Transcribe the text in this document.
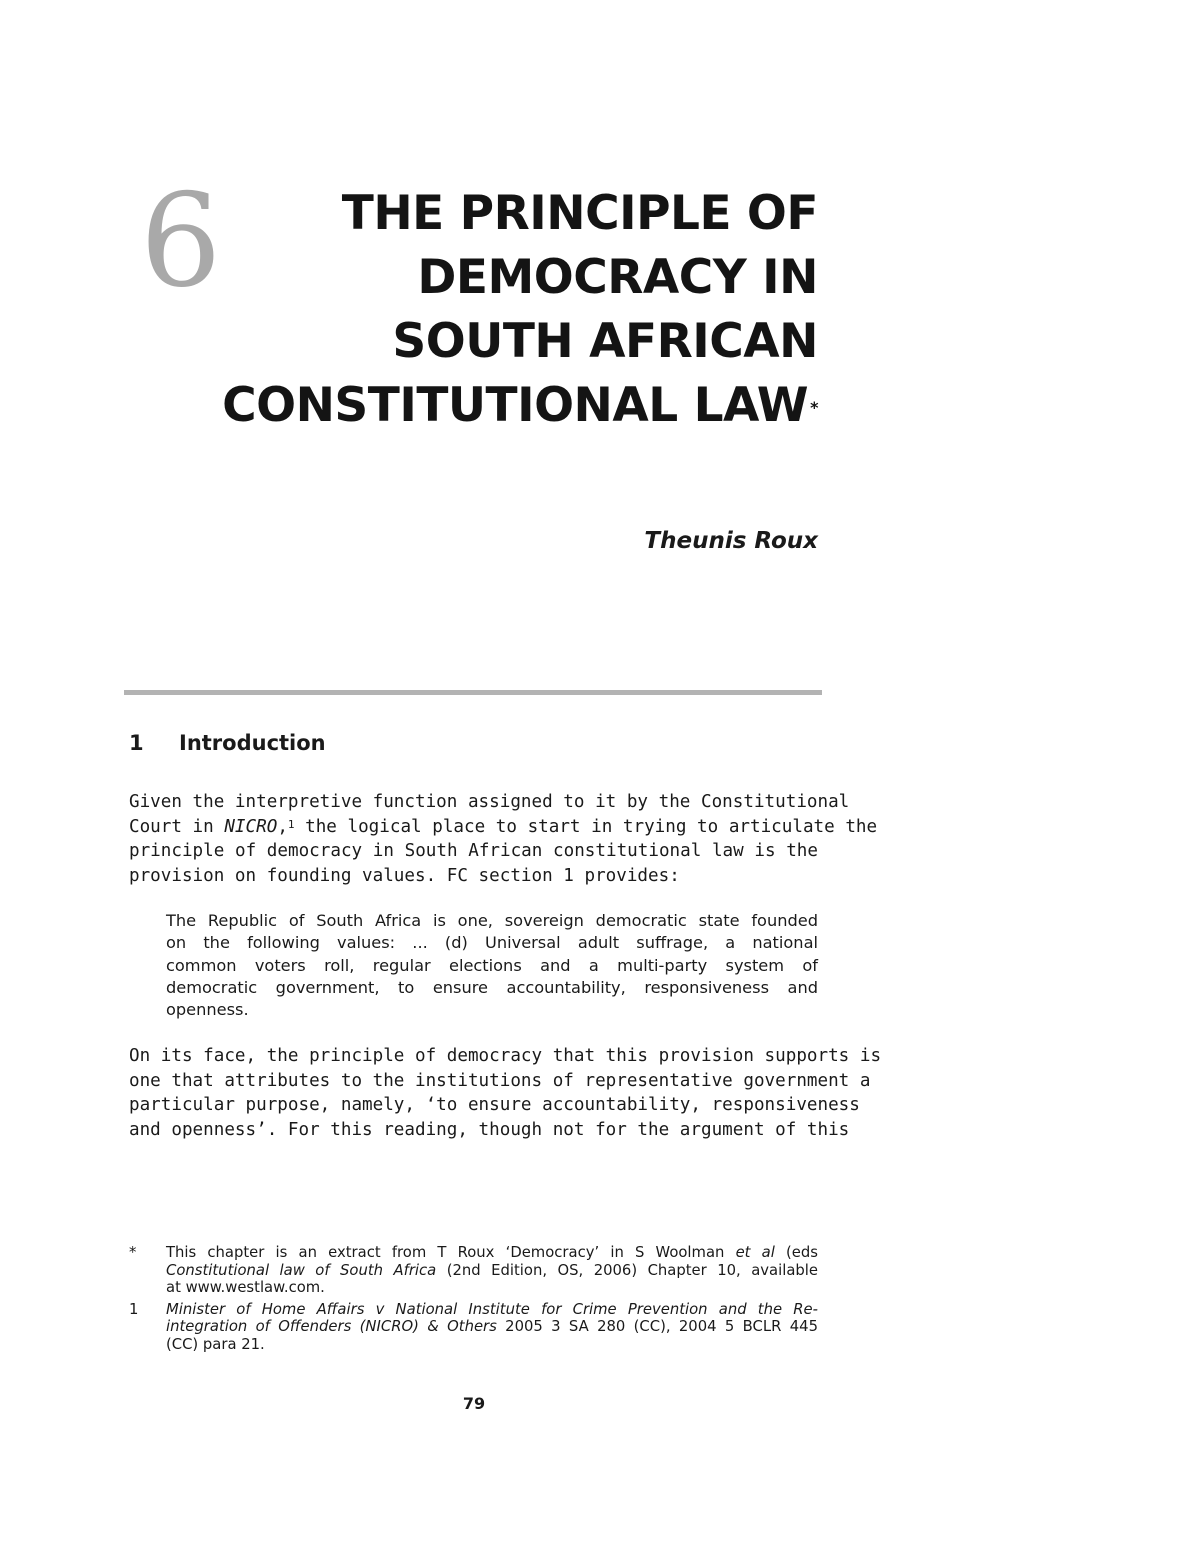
6	THE PRINCIPLE OF
DEMOCRACY IN
SOUTH AFRICAN
CONSTITUTIONAL LAW *
Theunis Roux
1 Introduction
Given the interpretive function assigned to it by the Constitutional
Court in NICRO,$^1$ the logical place to start in trying to articulate the
principle of democracy in South African constitutional law is the
provision on founding values. FC section 1 provides:
The Republic of South Africa is one, sovereign democratic state founded
on the following values: ... (d) Universal adult suffrage, a national
common voters roll, regular elections and a multi-party system of
democratic government, to ensure accountability, responsiveness and
openness.
On its face, the principle of democracy that this provision supports is
one that attributes to the institutions of representative government a
particular purpose, namely, ‘to ensure accountability, responsiveness
and openness’. For this reading, though not for the argument of this
* This chapter is an extract from T Roux ‘Democracy’ in S Woolman et al (eds
Constitutional law of South Africa (2nd Edition, OS, 2006) Chapter 10, available
at www.westlaw.com.
1 Minister of Home Affairs v National Institute for Crime Prevention and the Re-
integration of Offenders (NICRO) & Others 2005 3 SA 280 (CC), 2004 5 BCLR 445
(CC) para 21.
79
